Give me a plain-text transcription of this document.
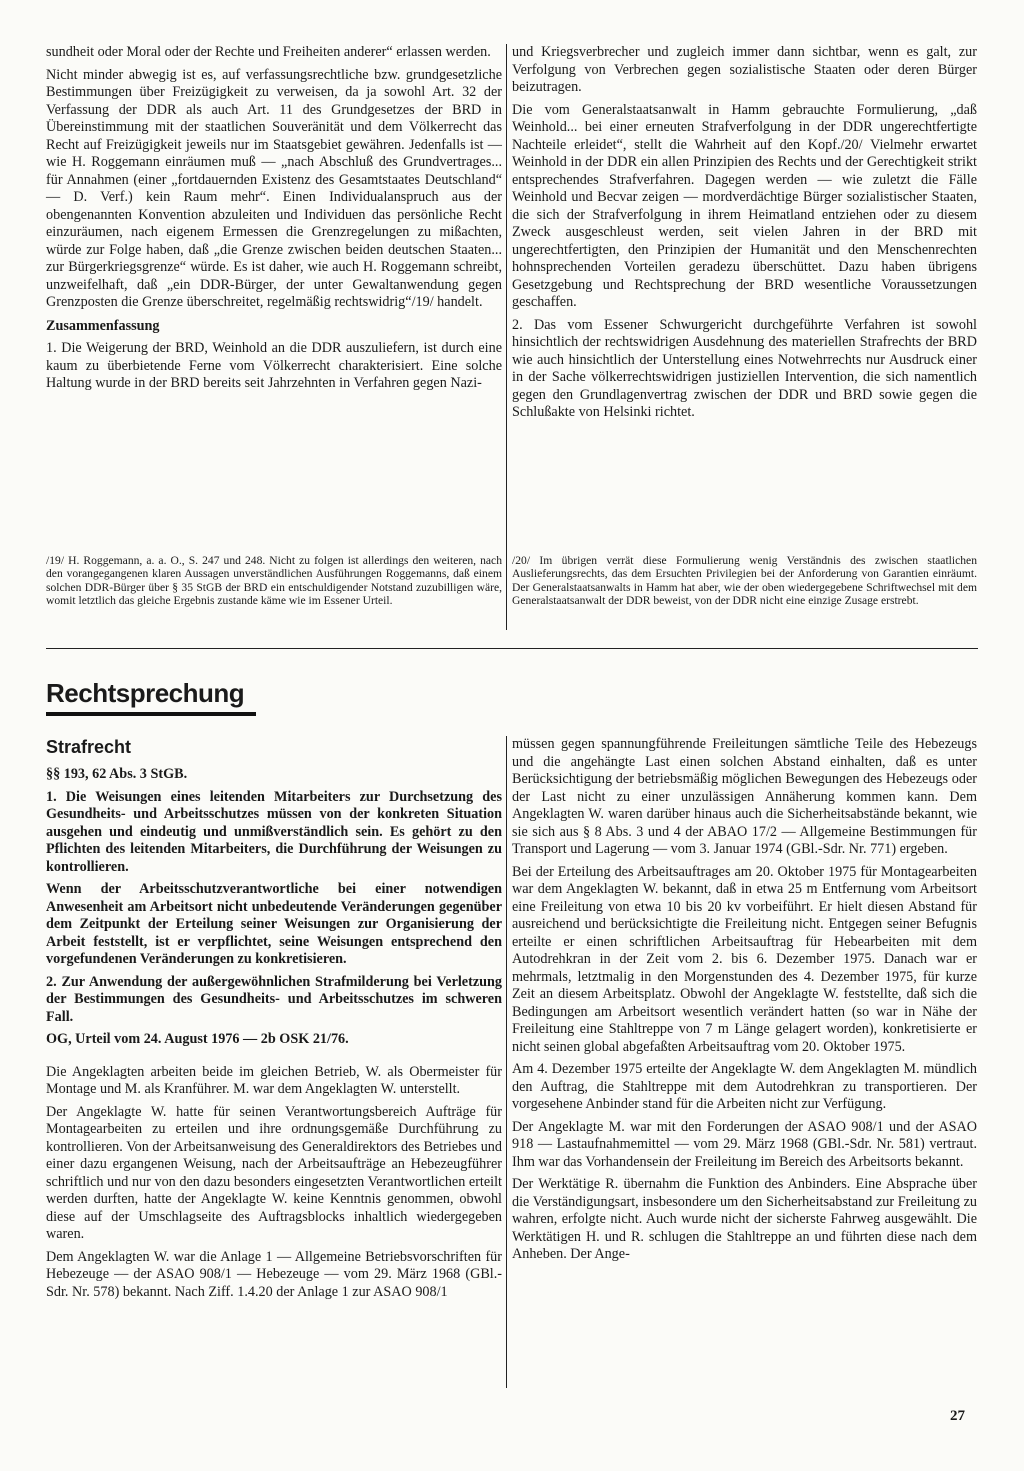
sundheit oder Moral oder der Rechte und Freiheiten anderer“ erlassen werden.

Nicht minder abwegig ist es, auf verfassungsrechtliche bzw. grundgesetzliche Bestimmungen über Freizügigkeit zu verweisen, da ja sowohl Art. 32 der Verfassung der DDR als auch Art. 11 des Grundgesetzes der BRD in Übereinstimmung mit der staatlichen Souveränität und dem Völkerrecht das Recht auf Freizügigkeit jeweils nur im Staatsgebiet gewähren. Jedenfalls ist — wie H. Roggemann einräumen muß — „nach Abschluß des Grundvertrages... für Annahmen (einer „fortdauernden Existenz des Gesamtstaates Deutschland“ — D. Verf.) kein Raum mehr“. Einen Individualanspruch aus der obengenannten Konvention abzuleiten und Individuen das persönliche Recht einzuräumen, nach eigenem Ermessen die Grenzregelungen zu mißachten, würde zur Folge haben, daß „die Grenze zwischen beiden deutschen Staaten... zur Bürgerkriegsgrenze“ würde. Es ist daher, wie auch H. Roggemann schreibt, unzweifelhaft, daß „ein DDR-Bürger, der unter Gewaltanwendung gegen Grenzposten die Grenze überschreitet, regelmäßig rechtswidrig“/19/ handelt.

Zusammenfassung

1. Die Weigerung der BRD, Weinhold an die DDR auszuliefern, ist durch eine kaum zu überbietende Ferne vom Völkerrecht charakterisiert. Eine solche Haltung wurde in der BRD bereits seit Jahrzehnten in Verfahren gegen Nazi-

und Kriegsverbrecher und zugleich immer dann sichtbar, wenn es galt, zur Verfolgung von Verbrechen gegen sozialistische Staaten oder deren Bürger beizutragen.

Die vom Generalstaatsanwalt in Hamm gebrauchte Formulierung, „daß Weinhold... bei einer erneuten Strafverfolgung in der DDR ungerechtfertigte Nachteile erleidet“, stellt die Wahrheit auf den Kopf./20/ Vielmehr erwartet Weinhold in der DDR ein allen Prinzipien des Rechts und der Gerechtigkeit strikt entsprechendes Strafverfahren. Dagegen werden — wie zuletzt die Fälle Weinhold und Becvar zeigen — mordverdächtige Bürger sozialistischer Staaten, die sich der Strafverfolgung in ihrem Heimatland entziehen oder zu diesem Zweck ausgeschleust werden, seit vielen Jahren in der BRD mit ungerechtfertigten, den Prinzipien der Humanität und den Menschenrechten hohnsprechenden Vorteilen geradezu überschüttet. Dazu haben übrigens Gesetzgebung und Rechtsprechung der BRD wesentliche Voraussetzungen geschaffen.

2. Das vom Essener Schwurgericht durchgeführte Verfahren ist sowohl hinsichtlich der rechtswidrigen Ausdehnung des materiellen Strafrechts der BRD wie auch hinsichtlich der Unterstellung eines Notwehrrechts nur Ausdruck einer in der Sache völkerrechtswidrigen justiziellen Intervention, die sich namentlich gegen den Grundlagenvertrag zwischen der DDR und BRD sowie gegen die Schlußakte von Helsinki richtet.

/19/ H. Roggemann, a. a. O., S. 247 und 248. Nicht zu folgen ist allerdings den weiteren, nach den vorangegangenen klaren Aussagen unverständlichen Ausführungen Roggemanns, daß einem solchen DDR-Bürger über § 35 StGB der BRD ein entschuldigender Notstand zuzubilligen wäre, womit letztlich das gleiche Ergebnis zustande käme wie im Essener Urteil.

/20/ Im übrigen verrät diese Formulierung wenig Verständnis des zwischen staatlichen Auslieferungsrechts, das dem Ersuchten Privilegien bei der Anforderung von Garantien einräumt. Der Generalstaatsanwalts in Hamm hat aber, wie der oben wiedergegebene Schriftwechsel mit dem Generalstaatsanwalt der DDR beweist, von der DDR nicht eine einzige Zusage erstrebt.

Rechtsprechung
Strafrecht
§§ 193, 62 Abs. 3 StGB.

1. Die Weisungen eines leitenden Mitarbeiters zur Durchsetzung des Gesundheits- und Arbeitsschutzes müssen von der konkreten Situation ausgehen und eindeutig und unmißverständlich sein. Es gehört zu den Pflichten des leitenden Mitarbeiters, die Durchführung der Weisungen zu kontrollieren.

Wenn der Arbeitsschutzverantwortliche bei einer notwendigen Anwesenheit am Arbeitsort nicht unbedeutende Veränderungen gegenüber dem Zeitpunkt der Erteilung seiner Weisungen zur Organisierung der Arbeit feststellt, ist er verpflichtet, seine Weisungen entsprechend den vorgefundenen Veränderungen zu konkretisieren.

2. Zur Anwendung der außergewöhnlichen Strafmilderung bei Verletzung der Bestimmungen des Gesundheits- und Arbeitsschutzes im schweren Fall.

OG, Urteil vom 24. August 1976 — 2b OSK 21/76.

Die Angeklagten arbeiten beide im gleichen Betrieb, W. als Obermeister für Montage und M. als Kranführer. M. war dem Angeklagten W. unterstellt.

Der Angeklagte W. hatte für seinen Verantwortungsbereich Aufträge für Montagearbeiten zu erteilen und ihre ordnungsgemäße Durchführung zu kontrollieren. Von der Arbeitsanweisung des Generaldirektors des Betriebes und einer dazu ergangenen Weisung, nach der Arbeitsaufträge an Hebezeugführer schriftlich und nur von den dazu besonders eingesetzten Verantwortlichen erteilt werden durften, hatte der Angeklagte W. keine Kenntnis genommen, obwohl diese auf der Umschlagseite des Auftragsblocks inhaltlich wiedergegeben waren.

Dem Angeklagten W. war die Anlage 1 — Allgemeine Betriebsvorschriften für Hebezeuge — der ASAO 908/1 — Hebezeuge — vom 29. März 1968 (GBl.-Sdr. Nr. 578) bekannt. Nach Ziff. 1.4.20 der Anlage 1 zur ASAO 908/1

müssen gegen spannungführende Freileitungen sämtliche Teile des Hebezeugs und die angehängte Last einen solchen Abstand einhalten, daß es unter Berücksichtigung der betriebsmäßig möglichen Bewegungen des Hebezeugs oder der Last nicht zu einer unzulässigen Annäherung kommen kann. Dem Angeklagten W. waren darüber hinaus auch die Sicherheitsabstände bekannt, wie sie sich aus § 8 Abs. 3 und 4 der ABAO 17/2 — Allgemeine Bestimmungen für Transport und Lagerung — vom 3. Januar 1974 (GBl.-Sdr. Nr. 771) ergeben.

Bei der Erteilung des Arbeitsauftrages am 20. Oktober 1975 für Montagearbeiten war dem Angeklagten W. bekannt, daß in etwa 25 m Entfernung vom Arbeitsort eine Freileitung von etwa 10 bis 20 kv vorbeiführt. Er hielt diesen Abstand für ausreichend und berücksichtigte die Freileitung nicht. Entgegen seiner Befugnis erteilte er einen schriftlichen Arbeitsauftrag für Hebearbeiten mit dem Autodrehkran in der Zeit vom 2. bis 6. Dezember 1975. Danach war er mehrmals, letztmalig in den Morgenstunden des 4. Dezember 1975, für kurze Zeit an diesem Arbeitsplatz. Obwohl der Angeklagte W. feststellte, daß sich die Bedingungen am Arbeitsort wesentlich verändert hatten (so war in Nähe der Freileitung eine Stahltreppe von 7 m Länge gelagert worden), konkretisierte er nicht seinen global abgefaßten Arbeitsauftrag vom 20. Oktober 1975.

Am 4. Dezember 1975 erteilte der Angeklagte W. dem Angeklagten M. mündlich den Auftrag, die Stahltreppe mit dem Autodrehkran zu transportieren. Der vorgesehene Anbinder stand für die Arbeiten nicht zur Verfügung.

Der Angeklagte M. war mit den Forderungen der ASAO 908/1 und der ASAO 918 — Lastaufnahmemittel — vom 29. März 1968 (GBl.-Sdr. Nr. 581) vertraut. Ihm war das Vorhandensein der Freileitung im Bereich des Arbeitsorts bekannt.

Der Werktätige R. übernahm die Funktion des Anbinders. Eine Absprache über die Verständigungsart, insbesondere um den Sicherheitsabstand zur Freileitung zu wahren, erfolgte nicht. Auch wurde nicht der sicherste Fahrweg ausgewählt. Die Werktätigen H. und R. schlugen die Stahltreppe an und führten diese nach dem Anheben. Der Ange-

27
